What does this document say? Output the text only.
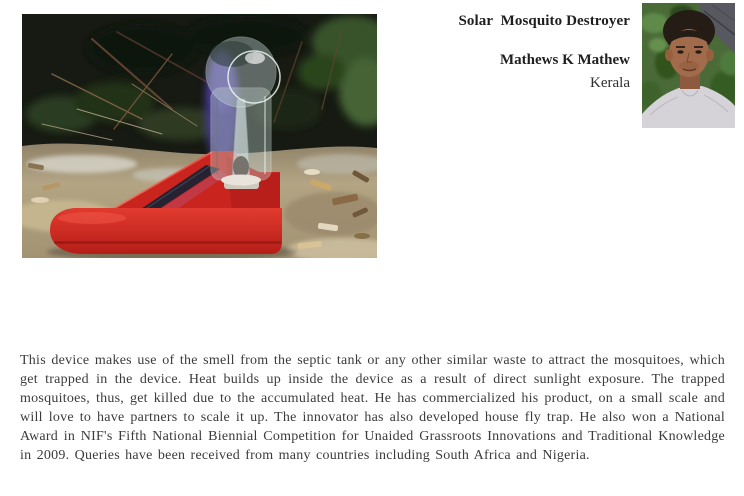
Solar  Mosquito Destroyer
Mathews K Mathew
Kerala

This device makes use of the smell from the septic tank or any other similar waste to attract the mosquitoes, which get trapped in the device. Heat builds up inside the device as a result of direct sunlight exposure. The trapped mosquitoes, thus, get killed due to the accumulated heat. He has commercialized his product, on a small scale and will love to have partners to scale it up. The innovator has also developed house fly trap. He also won a National Award in NIF's Fifth National Biennial Competition for Unaided Grassroots Innovations and Traditional Knowledge in 2009. Queries have been received from many countries including South Africa and Nigeria.
